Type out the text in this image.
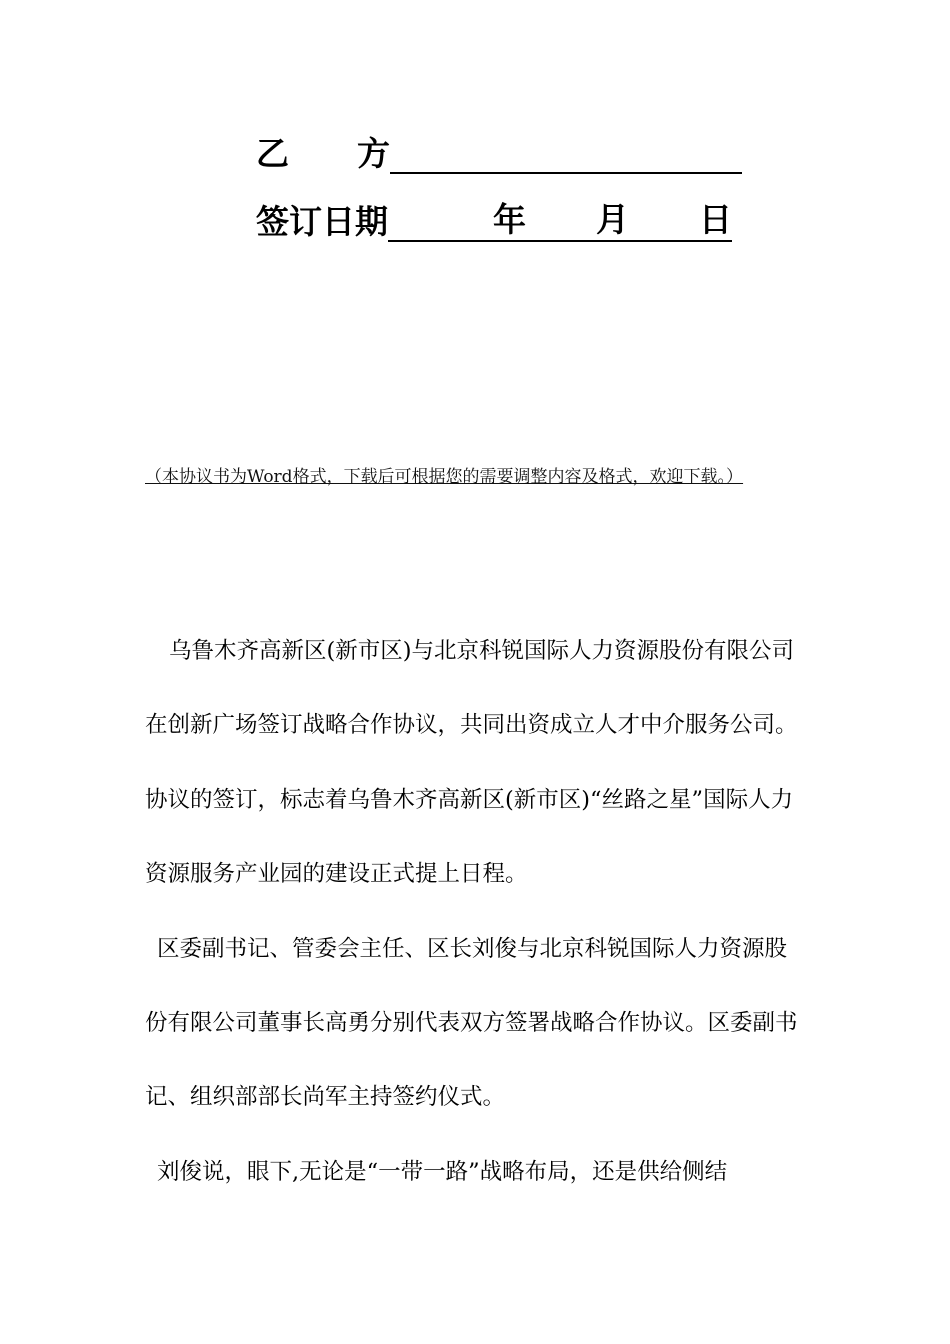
乙 方
签订日期	年 月 日
（本协议书为Word格式，下载后可根据您的需要调整内容及格式，欢迎下载。）

乌鲁木齐高新区(新市区)与北京科锐国际人力资源股份有限公司在创新广场签订战略合作协议，共同出资成立人才中介服务公司。协议的签订，标志着乌鲁木齐高新区(新市区)“丝路之星”国际人力资源服务产业园的建设正式提上日程。

区委副书记、管委会主任、区长刘俊与北京科锐国际人力资源股份有限公司董事长高勇分别代表双方签署战略合作协议。区委副书记、组织部部长尚军主持签约仪式。

刘俊说，眼下,无论是“一带一路”战略布局，还是供给侧结
